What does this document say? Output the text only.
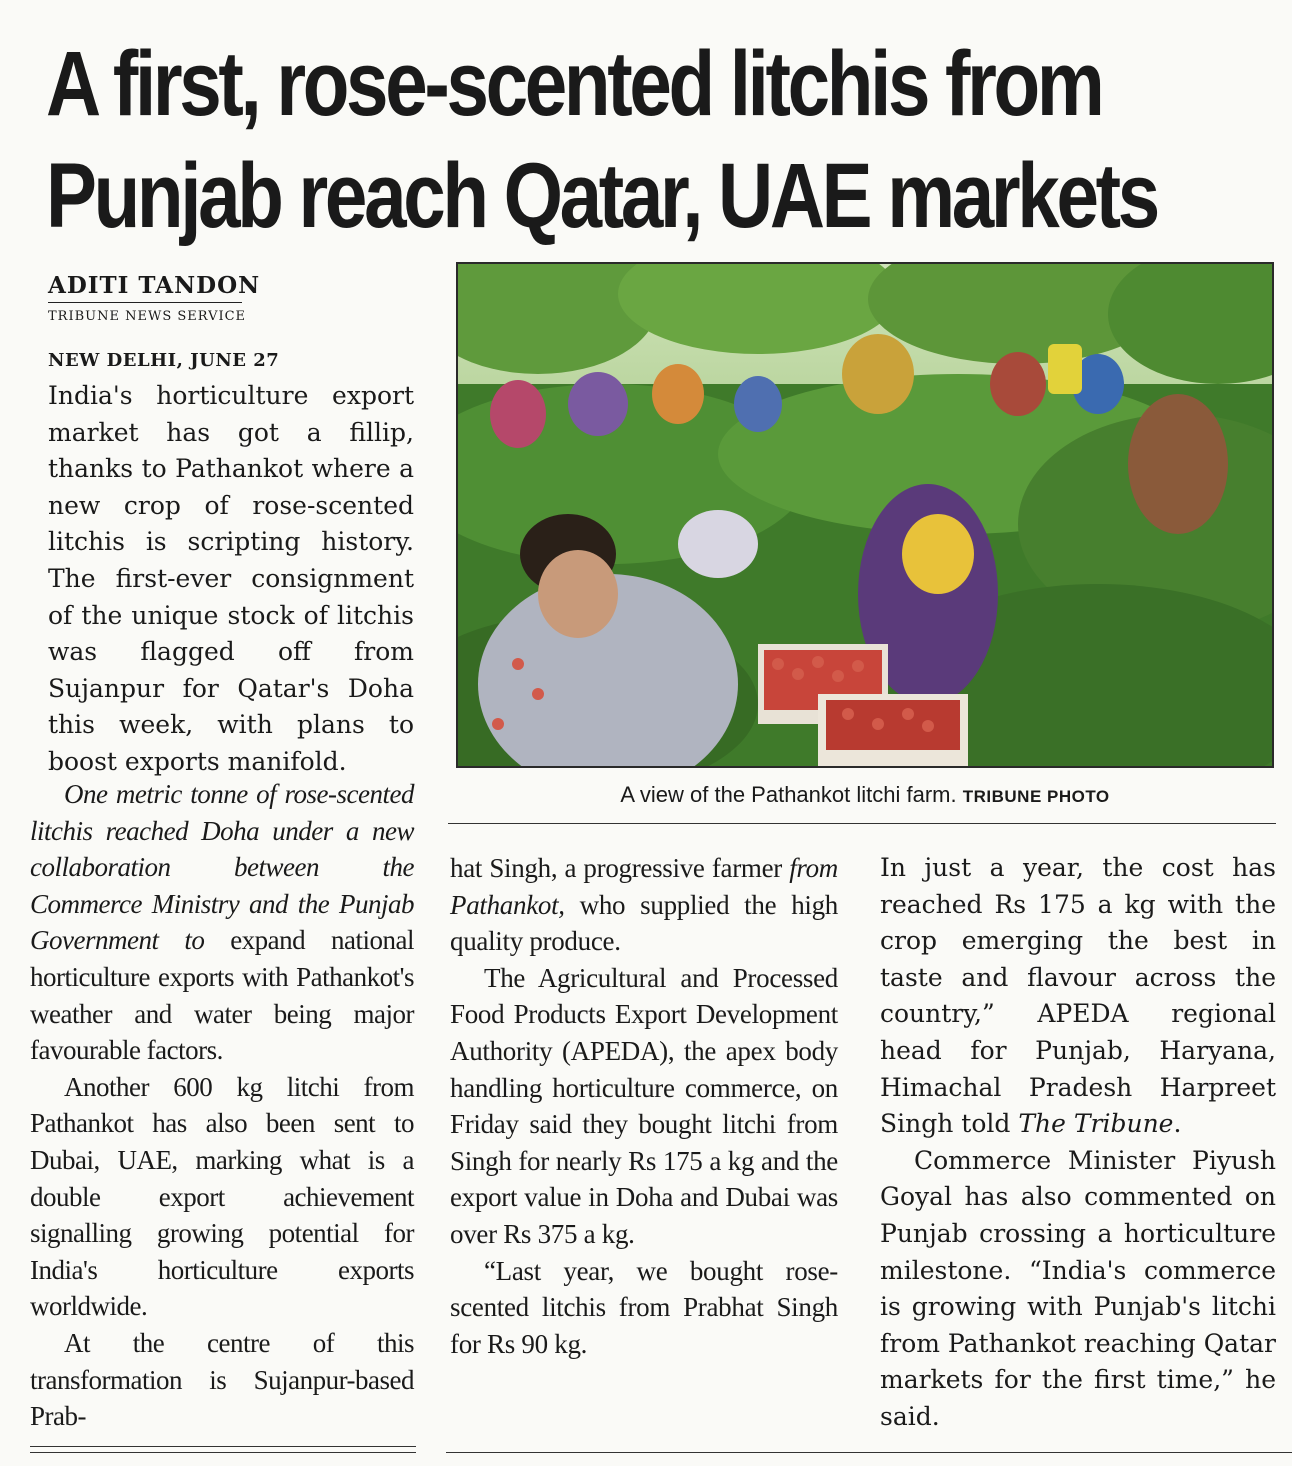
A first, rose-scented litchis from
Punjab reach Qatar, UAE markets
ADITI TANDON
TRIBUNE NEWS SERVICE
NEW DELHI, JUNE 27

India's horticulture export market has got a fillip, thanks to Pathankot where a new crop of rose-scented litchis is scripting history. The first-ever consignment of the unique stock of litchis was flagged off from Sujanpur for Qatar's Doha this week, with plans to boost exports manifold.

One metric tonne of rose-scented litchis reached Doha under a new collaboration between the Commerce Ministry and the Punjab Government to expand national horticulture exports with Pathankot's weather and water being major favourable factors.

Another 600 kg litchi from Pathankot has also been sent to Dubai, UAE, marking what is a double export achievement signalling growing potential for India's horticulture exports worldwide.

At the centre of this transformation is Sujanpur-based Prab-

A view of the Pathankot litchi farm. TRIBUNE PHOTO

hat Singh, a progressive farmer from Pathankot, who supplied the high quality produce.

The Agricultural and Processed Food Products Export Development Authority (APEDA), the apex body handling horticulture commerce, on Friday said they bought litchi from Singh for nearly Rs 175 a kg and the export value in Doha and Dubai was over Rs 375 a kg.

“Last year, we bought rose-scented litchis from Prabhat Singh for Rs 90 kg.

In just a year, the cost has reached Rs 175 a kg with the crop emerging the best in taste and flavour across the country,” APEDA regional head for Punjab, Haryana, Himachal Pradesh Harpreet Singh told The Tribune.

Commerce Minister Piyush Goyal has also commented on Punjab crossing a horticulture milestone. “India's commerce is growing with Punjab's litchi from Pathankot reaching Qatar markets for the first time,” he said.
